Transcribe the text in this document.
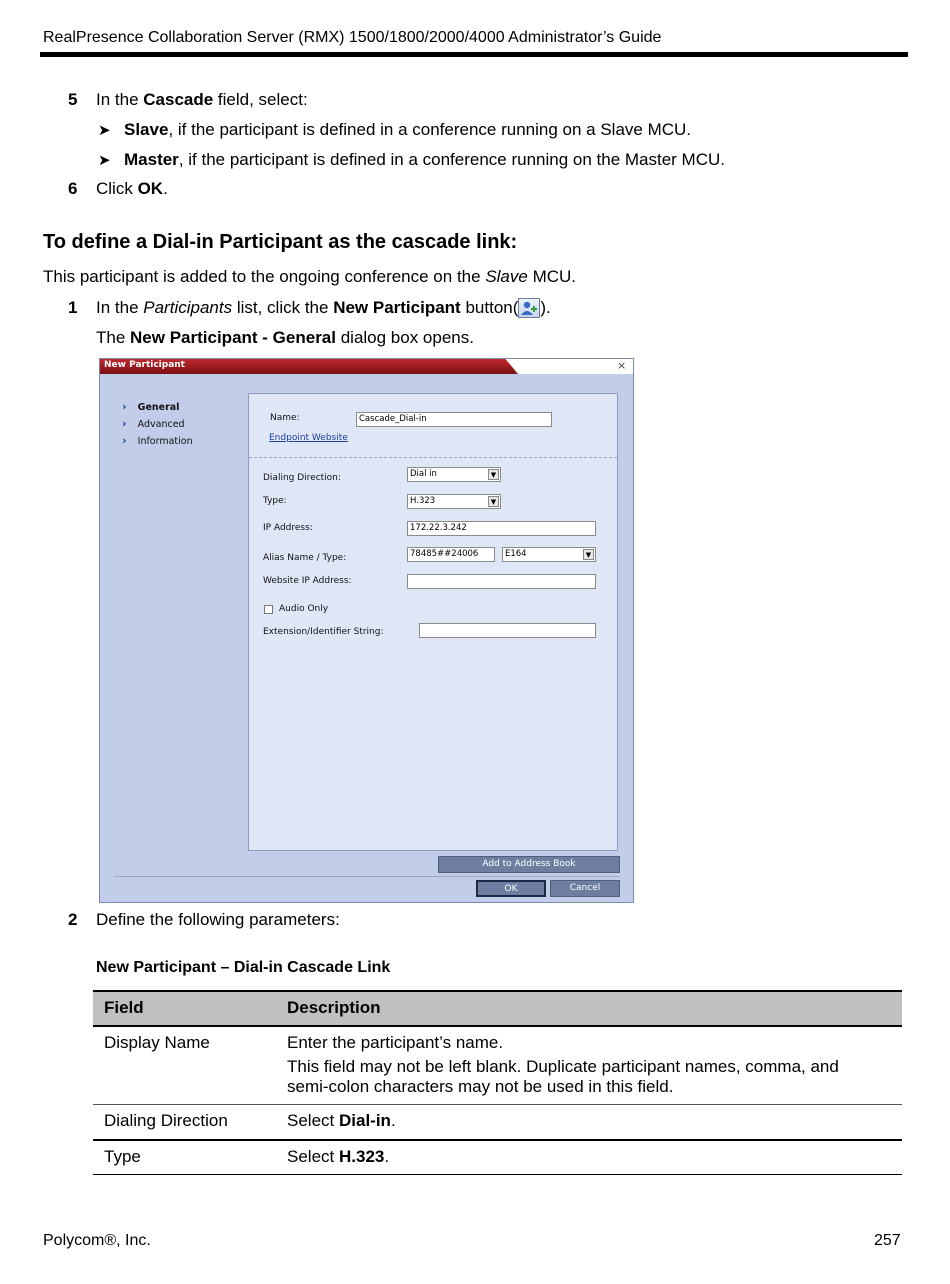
RealPresence Collaboration Server (RMX) 1500/1800/2000/4000 Administrator’s Guide
5 In the Cascade field, select:
➤ Slave, if the participant is defined in a conference running on a Slave MCU.
➤ Master, if the participant is defined in a conference running on the Master MCU.
6 Click OK.
To define a Dial-in Participant as the cascade link:
This participant is added to the ongoing conference on the Slave MCU.
1 In the Participants list, click the New Participant button( ).
The New Participant - General dialog box opens.
New Participant	×
› General
› Advanced
› Information
Name:	Cascade_Dial-in
Endpoint Website
Dialing Direction:	Dial in	▼
Type:	H.323	▼
IP Address:	172.22.3.242
Alias Name / Type:	78485##24006	E164	▼
Website IP Address:
Audio Only
Extension/Identifier String:
Add to Address Book
OK	Cancel
2 Define the following parameters:
New Participant – Dial-in Cascade Link
Field	Description
Display Name	Enter the participant’s name.
This field may not be left blank. Duplicate participant names, comma, and
semi-colon characters may not be used in this field.
Dialing Direction	Select Dial-in.
Type	Select H.323.
Polycom®, Inc.	257
